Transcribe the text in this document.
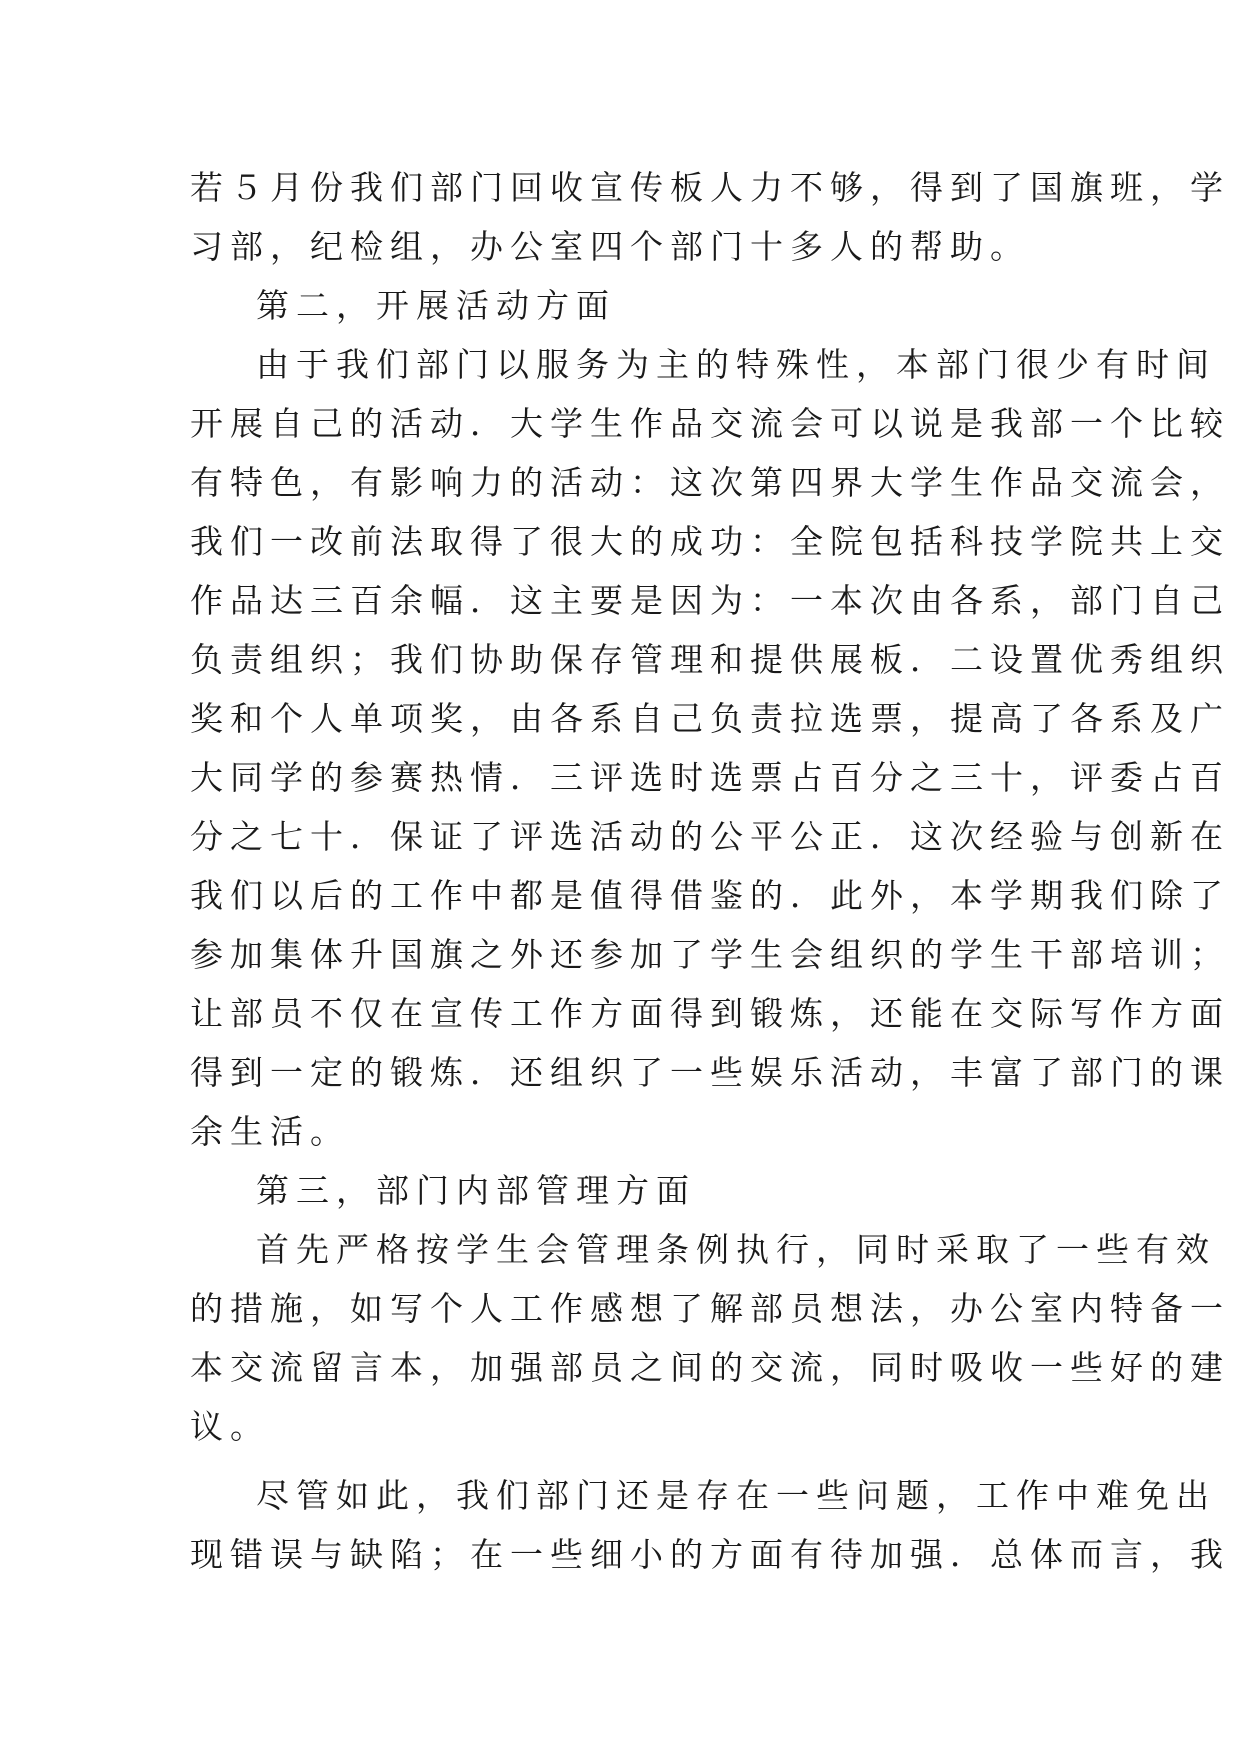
若５月份我们部门回收宣传板人力不够，得到了国旗班，学
习部，纪检组，办公室四个部门十多人的帮助。
第二，开展活动方面
由于我们部门以服务为主的特殊性，本部门很少有时间
开展自己的活动．大学生作品交流会可以说是我部一个比较
有特色，有影响力的活动：这次第四界大学生作品交流会，
我们一改前法取得了很大的成功：全院包括科技学院共上交
作品达三百余幅．这主要是因为：一本次由各系，部门自己
负责组织；我们协助保存管理和提供展板．二设置优秀组织
奖和个人单项奖，由各系自己负责拉选票，提高了各系及广
大同学的参赛热情．三评选时选票占百分之三十，评委占百
分之七十．保证了评选活动的公平公正．这次经验与创新在
我们以后的工作中都是值得借鉴的．此外，本学期我们除了
参加集体升国旗之外还参加了学生会组织的学生干部培训；
让部员不仅在宣传工作方面得到锻炼，还能在交际写作方面
得到一定的锻炼．还组织了一些娱乐活动，丰富了部门的课
余生活。
第三，部门内部管理方面
首先严格按学生会管理条例执行，同时采取了一些有效
的措施，如写个人工作感想了解部员想法，办公室内特备一
本交流留言本，加强部员之间的交流，同时吸收一些好的建
议。
尽管如此，我们部门还是存在一些问题，工作中难免出
现错误与缺陷；在一些细小的方面有待加强．总体而言，我
